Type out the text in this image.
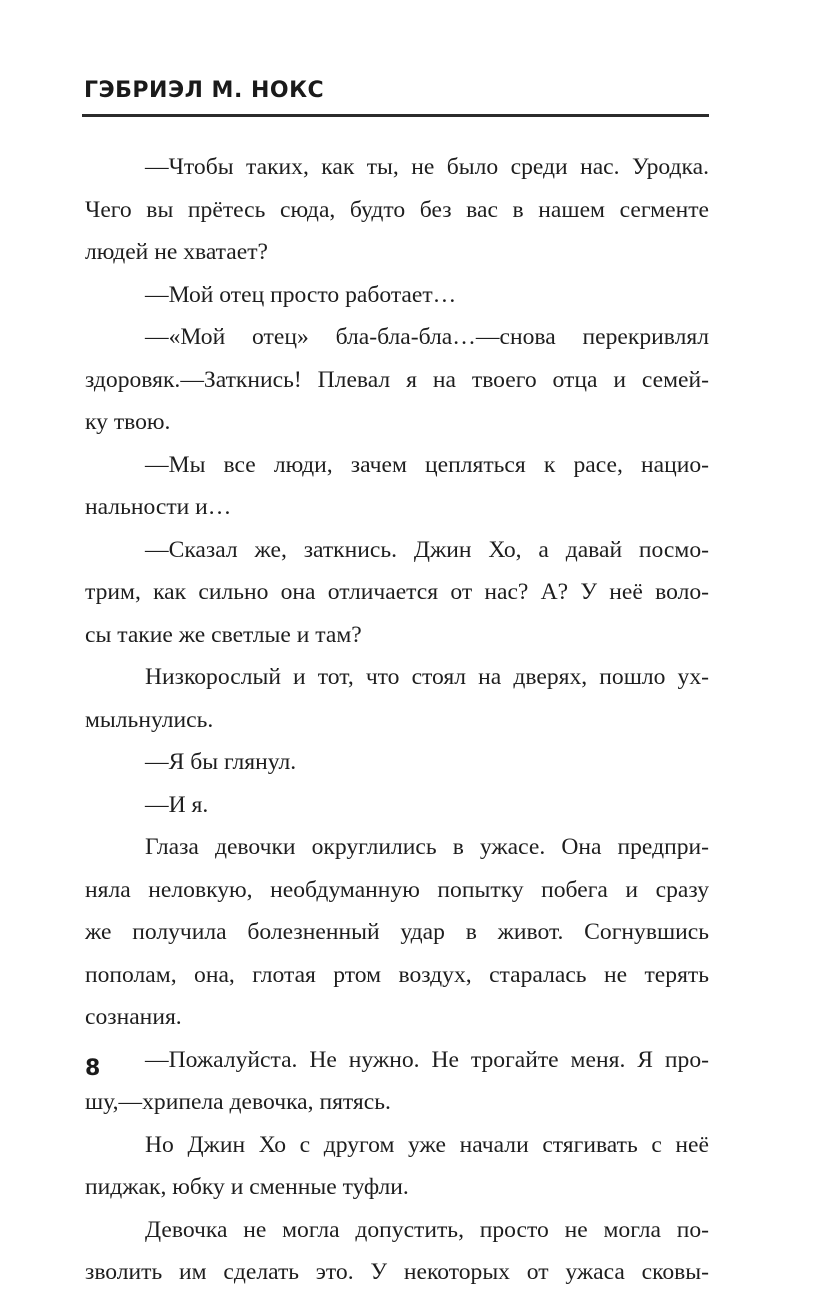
ГЭБРИЭЛ М. НОКС
—Чтобы таких, как ты, не было среди нас. Уродка.
Чего вы прётесь сюда, будто без вас в нашем сегменте
людей не хватает?
—Мой отец просто работает…
—«Мой отец» бла-бла-бла…—снова перекривлял
здоровяк.—Заткнись! Плевал я на твоего отца и семей-
ку твою.
—Мы все люди, зачем цепляться к расе, нацио-
нальности и…
—Сказал же, заткнись. Джин Хо, а давай посмо-
трим, как сильно она отличается от нас? А? У неё воло-
сы такие же светлые и там?
Низкорослый и тот, что стоял на дверях, пошло ух-
мыльнулись.
—Я бы глянул.
—И я.
Глаза девочки округлились в ужасе. Она предпри-
няла неловкую, необдуманную попытку побега и сразу
же получила болезненный удар в живот. Согнувшись
пополам, она, глотая ртом воздух, старалась не терять
сознания.
—Пожалуйста. Не нужно. Не трогайте меня. Я про-
шу,—хрипела девочка, пятясь.
Но Джин Хо с другом уже начали стягивать с неё
пиджак, юбку и сменные туфли.
Девочка не могла допустить, просто не могла по-
зволить им сделать это. У некоторых от ужаса сковы-
8
